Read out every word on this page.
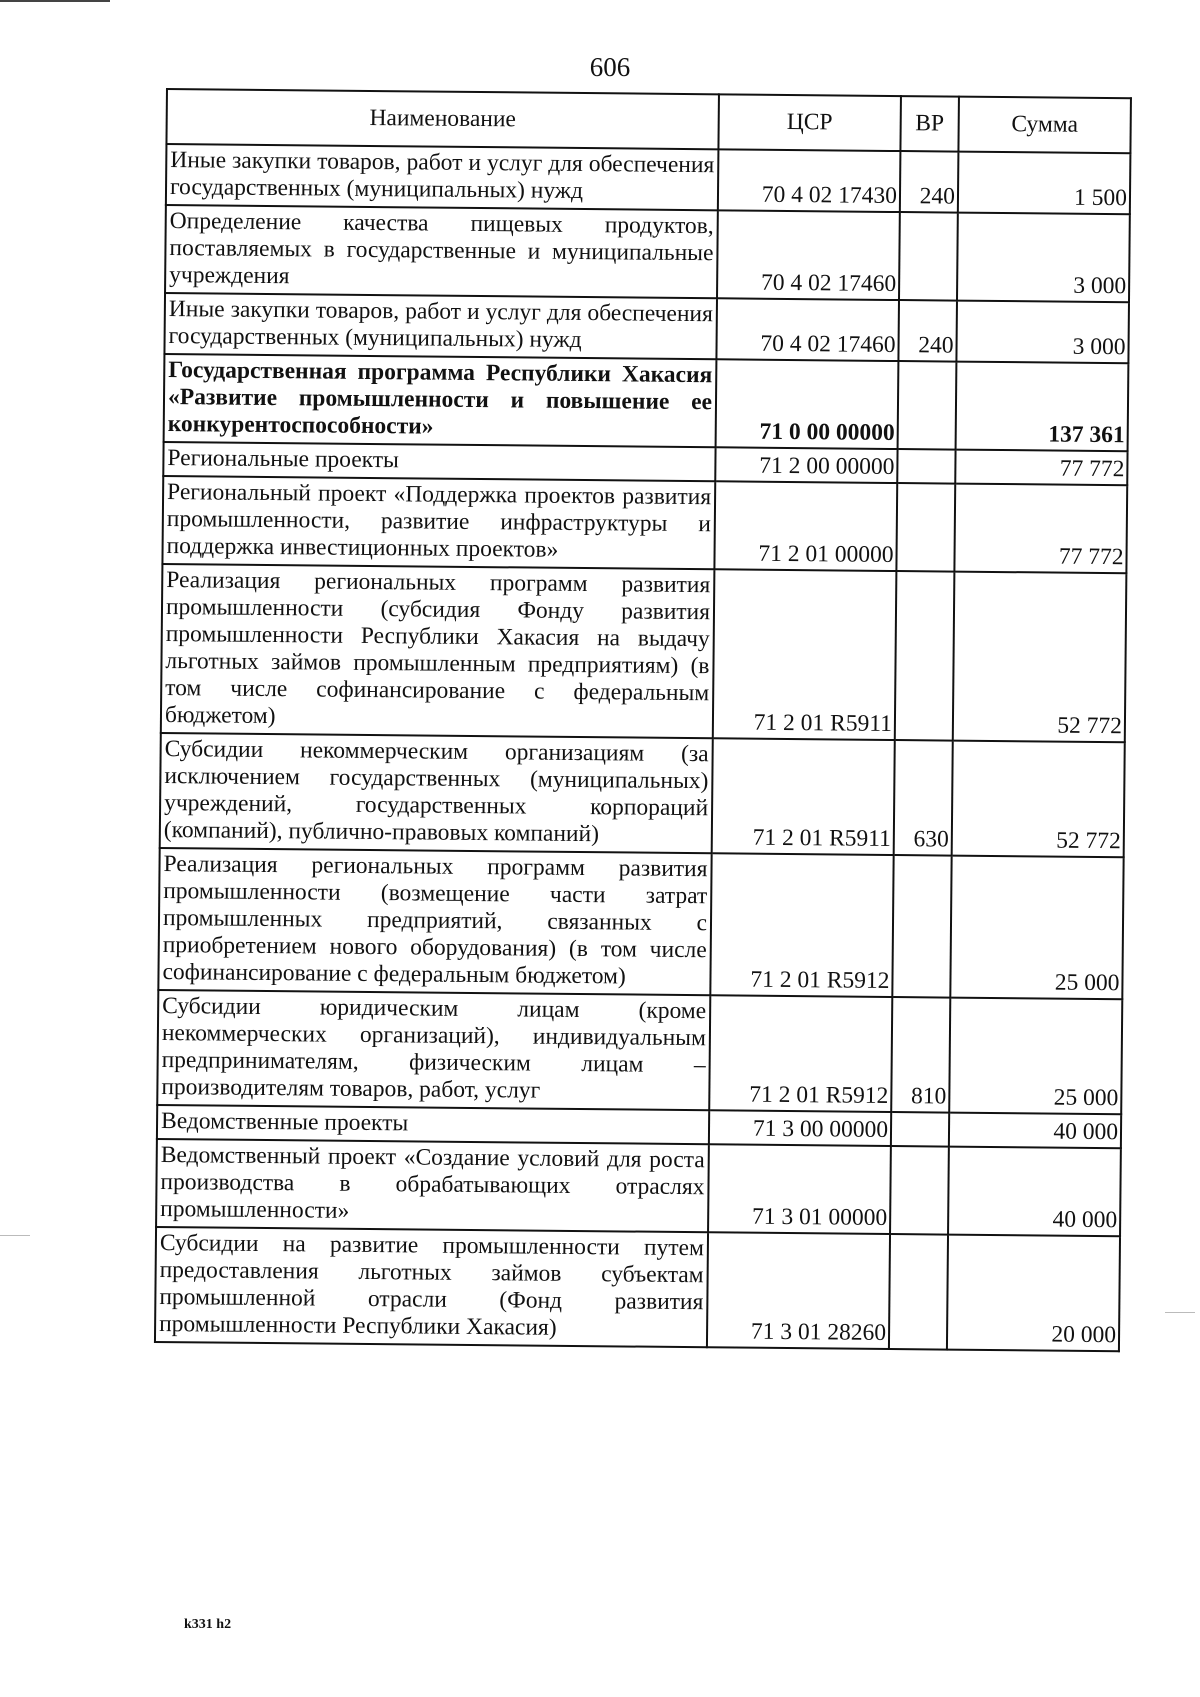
606
Наименование	ЦСР	ВР	Сумма
Иные закупки товаров, работ и услуг для обеспечения государственных (муниципальных) нужд	70 4 02 17430	240	1 500
Определение качества пищевых продуктов, поставляемых в государственные и муниципальные учреждения	70 4 02 17460		3 000
Иные закупки товаров, работ и услуг для обеспечения государственных (муниципальных) нужд	70 4 02 17460	240	3 000
Государственная программа Республики Хакасия «Развитие промышленности и повышение ее конкурентоспособности»	71 0 00 00000		137 361
Региональные проекты	71 2 00 00000		77 772
Региональный проект «Поддержка проектов развития промышленности, развитие инфраструктуры и поддержка инвестиционных проектов»	71 2 01 00000		77 772
Реализация региональных программ развития промышленности (субсидия Фонду развития промышленности Республики Хакасия на выдачу льготных займов промышленным предприятиям) (в том числе софинансирование с федеральным бюджетом)	71 2 01 R5911		52 772
Субсидии некоммерческим организациям (за исключением государственных (муниципальных) учреждений, государственных корпораций (компаний), публично-правовых компаний)	71 2 01 R5911	630	52 772
Реализация региональных программ развития промышленности (возмещение части затрат промышленных предприятий, связанных с приобретением нового оборудования) (в том числе софинансирование с федеральным бюджетом)	71 2 01 R5912		25 000
Субсидии юридическим лицам (кроме некоммерческих организаций), индивидуальным предпринимателям, физическим лицам – производителям товаров, работ, услуг	71 2 01 R5912	810	25 000
Ведомственные проекты	71 3 00 00000		40 000
Ведомственный проект «Создание условий для роста производства в обрабатывающих отраслях промышленности»	71 3 01 00000		40 000
Субсидии на развитие промышленности путем предоставления льготных займов субъектам промышленной отрасли (Фонд развития промышленности Республики Хакасия)	71 3 01 28260		20 000
k331 h2
